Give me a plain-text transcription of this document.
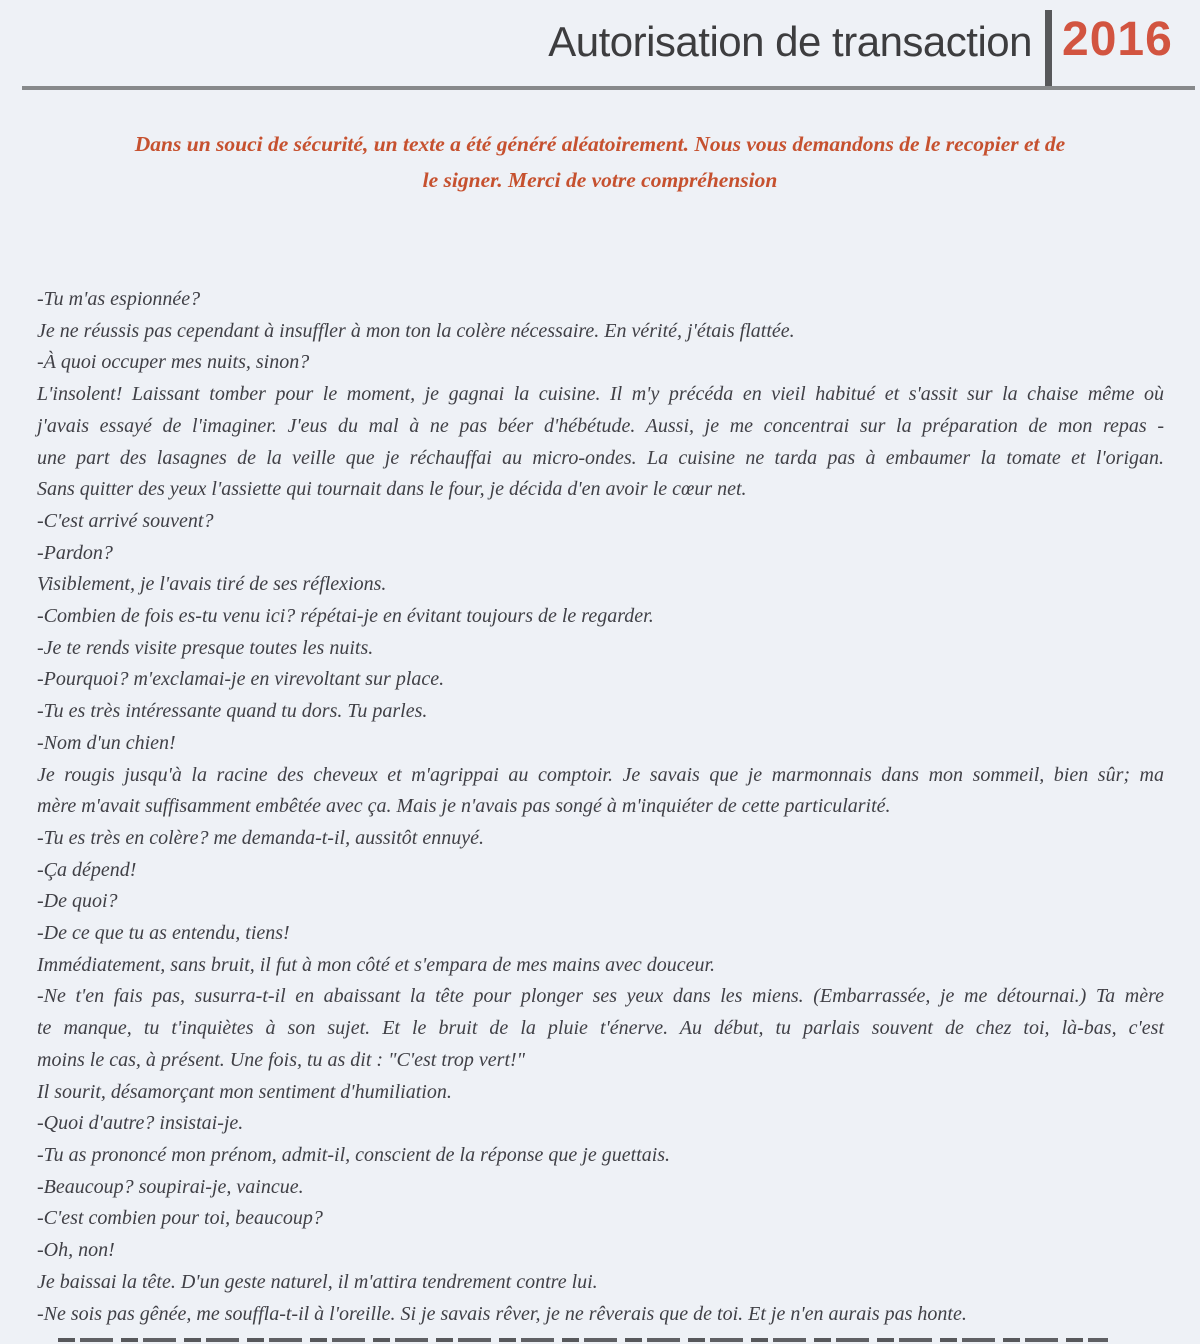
Autorisation de transaction 2016
Dans un souci de sécurité, un texte a été généré aléatoirement. Nous vous demandons de le recopier et de
le signer. Merci de votre compréhension
-Tu m'as espionnée?
Je ne réussis pas cependant à insuffler à mon ton la colère nécessaire. En vérité, j'étais flattée.
-À quoi occuper mes nuits, sinon?
L'insolent! Laissant tomber pour le moment, je gagnai la cuisine. Il m'y précéda en vieil habitué et s'assit sur la chaise même où
j'avais essayé de l'imaginer. J'eus du mal à ne pas béer d'hébétude. Aussi, je me concentrai sur la préparation de mon repas -
une part des lasagnes de la veille que je réchauffai au micro-ondes. La cuisine ne tarda pas à embaumer la tomate et l'origan.
Sans quitter des yeux l'assiette qui tournait dans le four, je décida d'en avoir le cœur net.
-C'est arrivé souvent?
-Pardon?
Visiblement, je l'avais tiré de ses réflexions.
-Combien de fois es-tu venu ici? répétai-je en évitant toujours de le regarder.
-Je te rends visite presque toutes les nuits.
-Pourquoi? m'exclamai-je en virevoltant sur place.
-Tu es très intéressante quand tu dors. Tu parles.
-Nom d'un chien!
Je rougis jusqu'à la racine des cheveux et m'agrippai au comptoir. Je savais que je marmonnais dans mon sommeil, bien sûr; ma
mère m'avait suffisamment embêtée avec ça. Mais je n'avais pas songé à m'inquiéter de cette particularité.
-Tu es très en colère? me demanda-t-il, aussitôt ennuyé.
-Ça dépend!
-De quoi?
-De ce que tu as entendu, tiens!
Immédiatement, sans bruit, il fut à mon côté et s'empara de mes mains avec douceur.
-Ne t'en fais pas, susurra-t-il en abaissant la tête pour plonger ses yeux dans les miens. (Embarrassée, je me détournai.) Ta mère
te manque, tu t'inquiètes à son sujet. Et le bruit de la pluie t'énerve. Au début, tu parlais souvent de chez toi, là-bas, c'est
moins le cas, à présent. Une fois, tu as dit : "C'est trop vert!"
Il sourit, désamorçant mon sentiment d'humiliation.
-Quoi d'autre? insistai-je.
-Tu as prononcé mon prénom, admit-il, conscient de la réponse que je guettais.
-Beaucoup? soupirai-je, vaincue.
-C'est combien pour toi, beaucoup?
-Oh, non!
Je baissai la tête. D'un geste naturel, il m'attira tendrement contre lui.
-Ne sois pas gênée, me souffla-t-il à l'oreille. Si je savais rêver, je ne rêverais que de toi. Et je n'en aurais pas honte.
